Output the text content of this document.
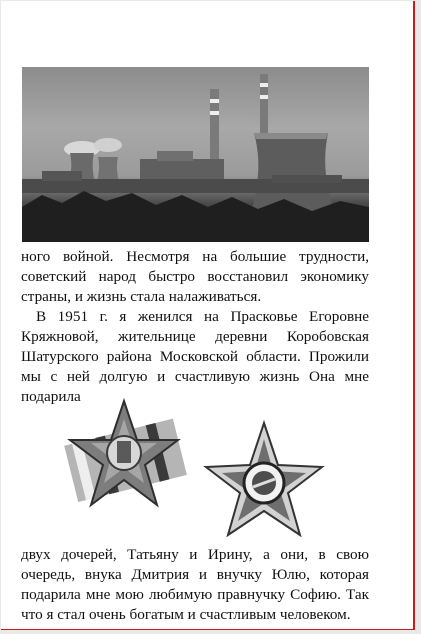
ного войной. Несмотря на большие трудности, советский народ быстро восстановил экономику страны, и жизнь стала налаживаться.

В 1951 г. я женился на Прасковье Егоровне Кряжновой, жительнице деревни Коробовская Шатурского района Московской области. Прожили мы с ней долгую и счастливую жизнь Она мне подарила

двух дочерей, Татьяну и Ирину, а они, в свою очередь, внука Дмитрия и внучку Юлю, которая подарила мне мою любимую правнучку Софию. Так что я стал очень богатым и счастливым человеком.
